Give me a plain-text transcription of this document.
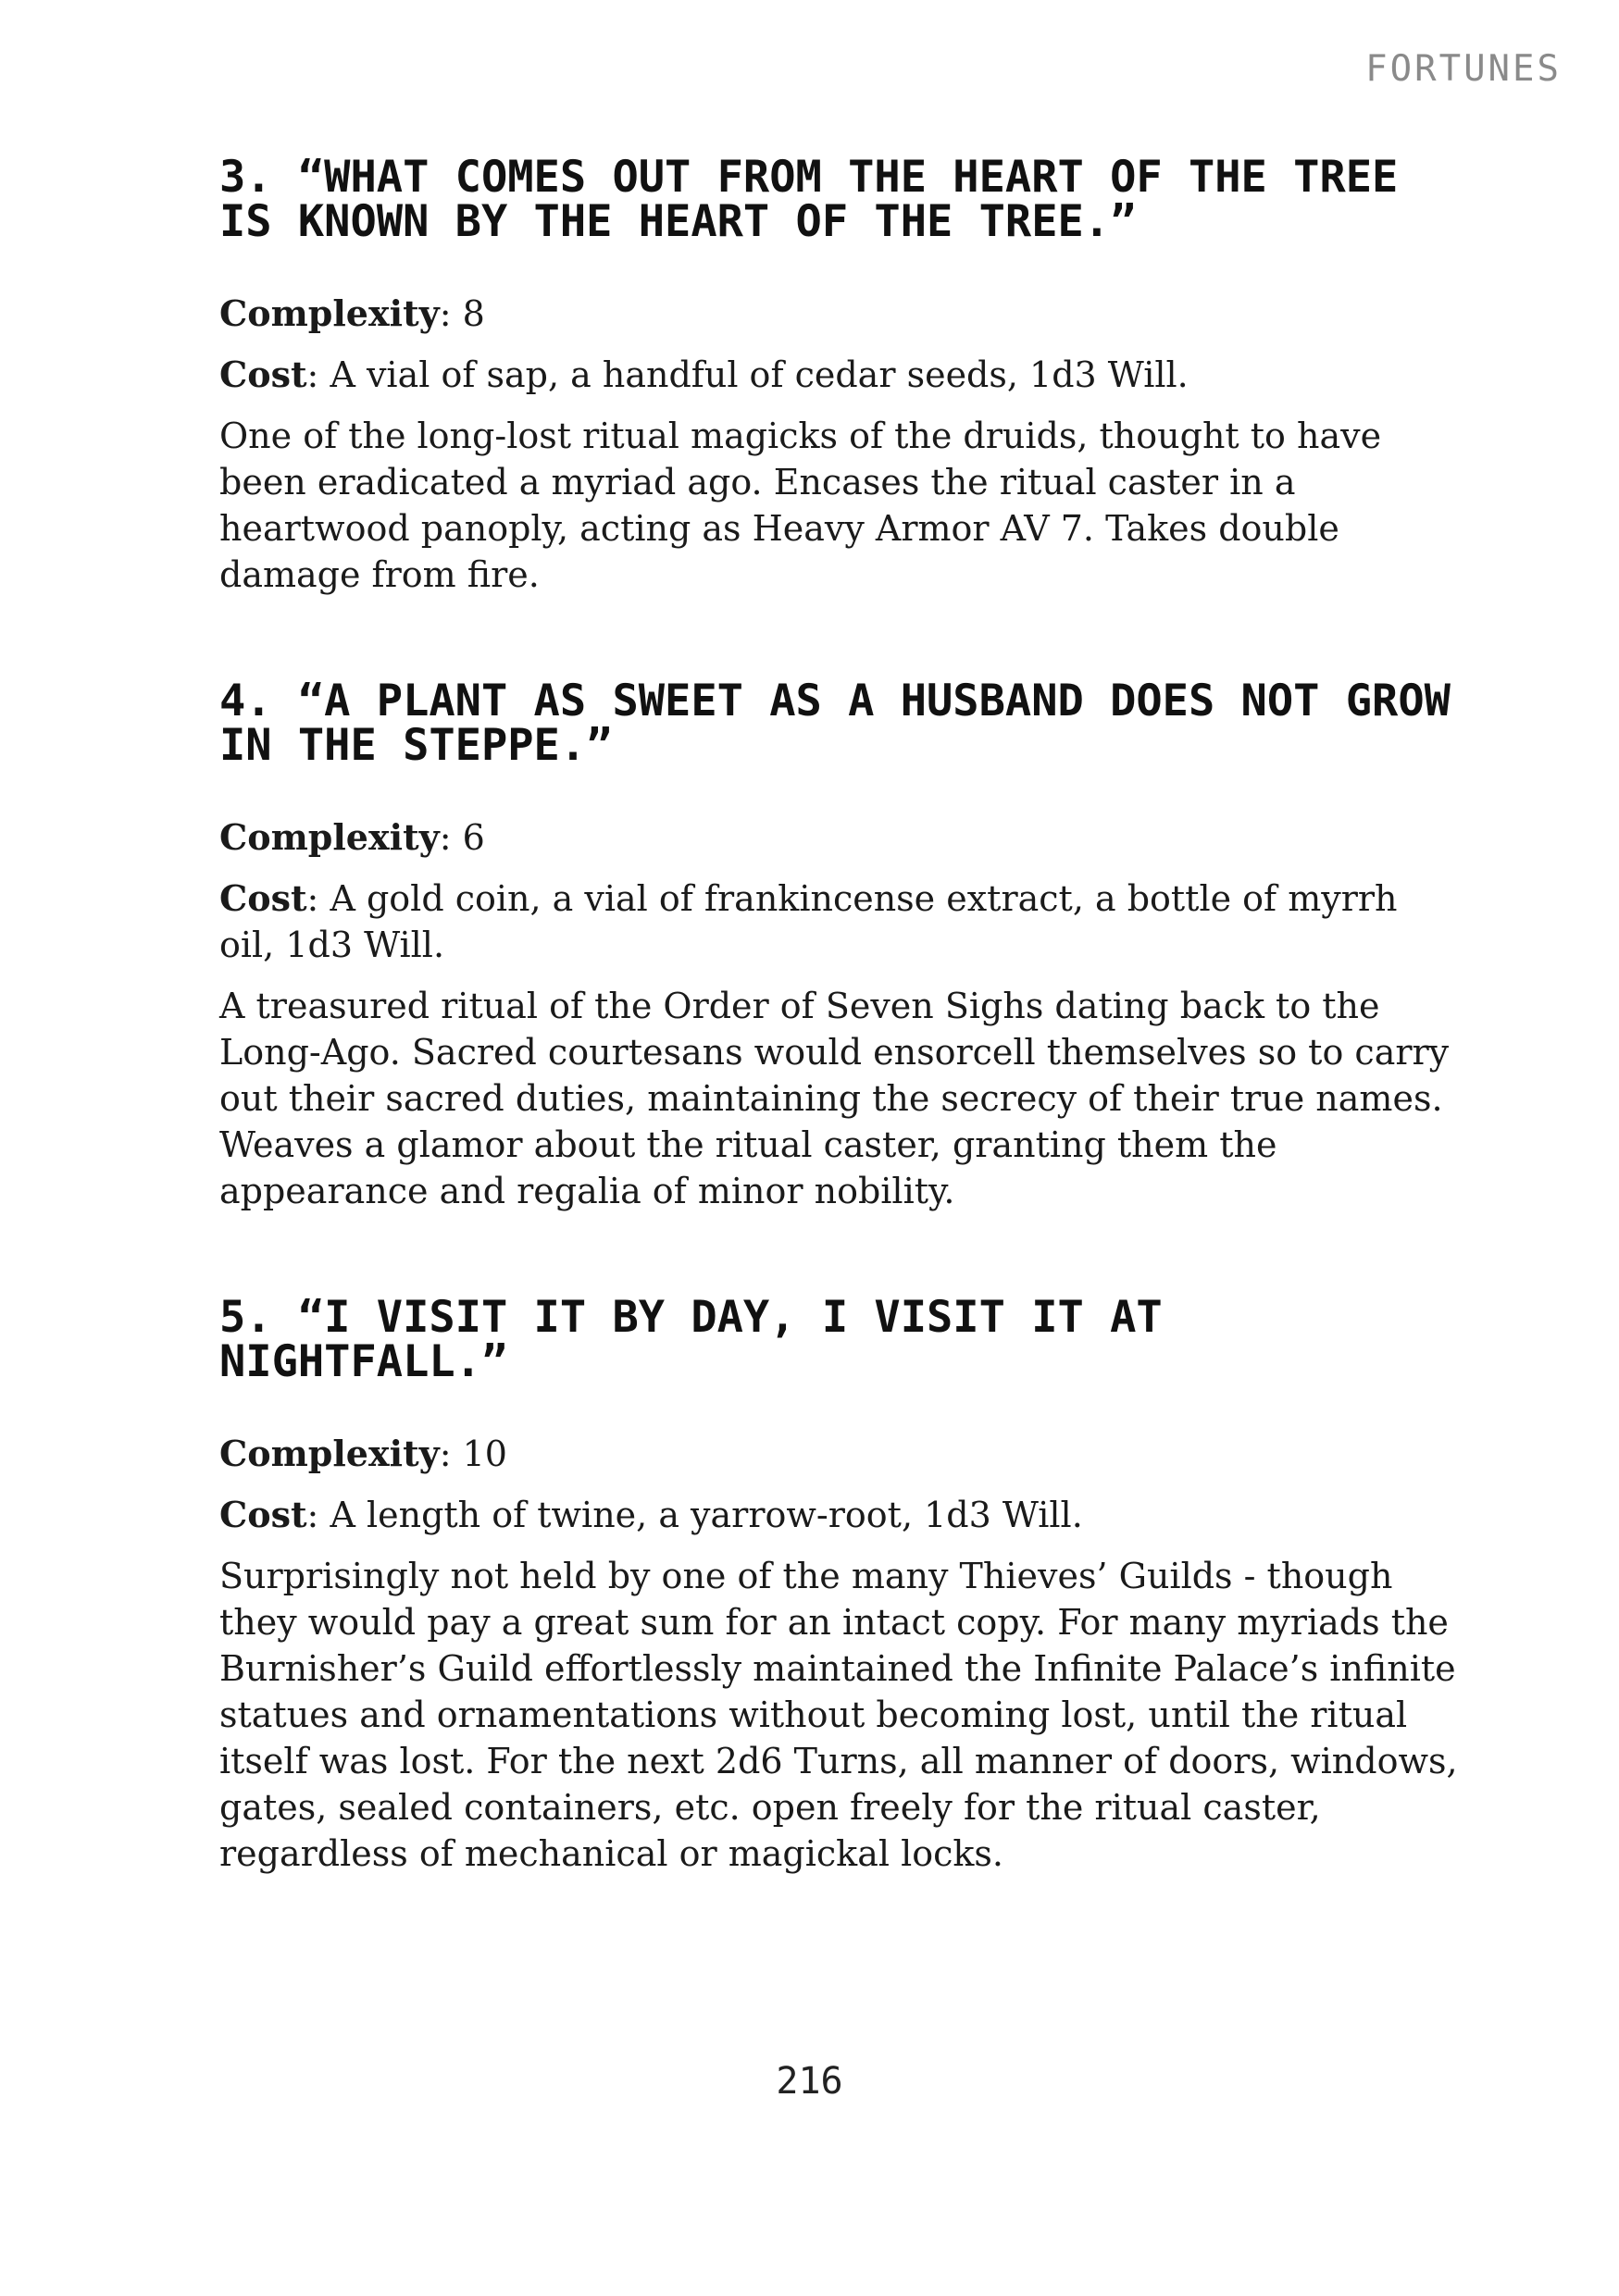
FORTUNES
3. “WHAT COMES OUT FROM THE HEART OF THE TREE IS KNOWN BY THE HEART OF THE TREE.”

Complexity: 8

Cost: A vial of sap, a handful of cedar seeds, 1d3 Will.

One of the long-lost ritual magicks of the druids, thought to have been eradicated a myriad ago. Encases the ritual caster in a heartwood panoply, acting as Heavy Armor AV 7. Takes double damage from fire.

4. “A PLANT AS SWEET AS A HUSBAND DOES NOT GROW IN THE STEPPE.”

Complexity: 6

Cost: A gold coin, a vial of frankincense extract, a bottle of myrrh oil, 1d3 Will.

A treasured ritual of the Order of Seven Sighs dating back to the Long-Ago. Sacred courtesans would ensorcell themselves so to carry out their sacred duties, maintaining the secrecy of their true names. Weaves a glamor about the ritual caster, granting them the appearance and regalia of minor nobility.

5. “I VISIT IT BY DAY, I VISIT IT AT NIGHTFALL.”

Complexity: 10

Cost: A length of twine, a yarrow-root, 1d3 Will.

Surprisingly not held by one of the many Thieves’ Guilds - though they would pay a great sum for an intact copy. For many myriads the Burnisher’s Guild effortlessly maintained the Infinite Palace’s infinite statues and ornamentations without becoming lost, until the ritual itself was lost. For the next 2d6 Turns, all manner of doors, windows, gates, sealed containers, etc. open freely for the ritual caster, regardless of mechanical or magickal locks.

216
